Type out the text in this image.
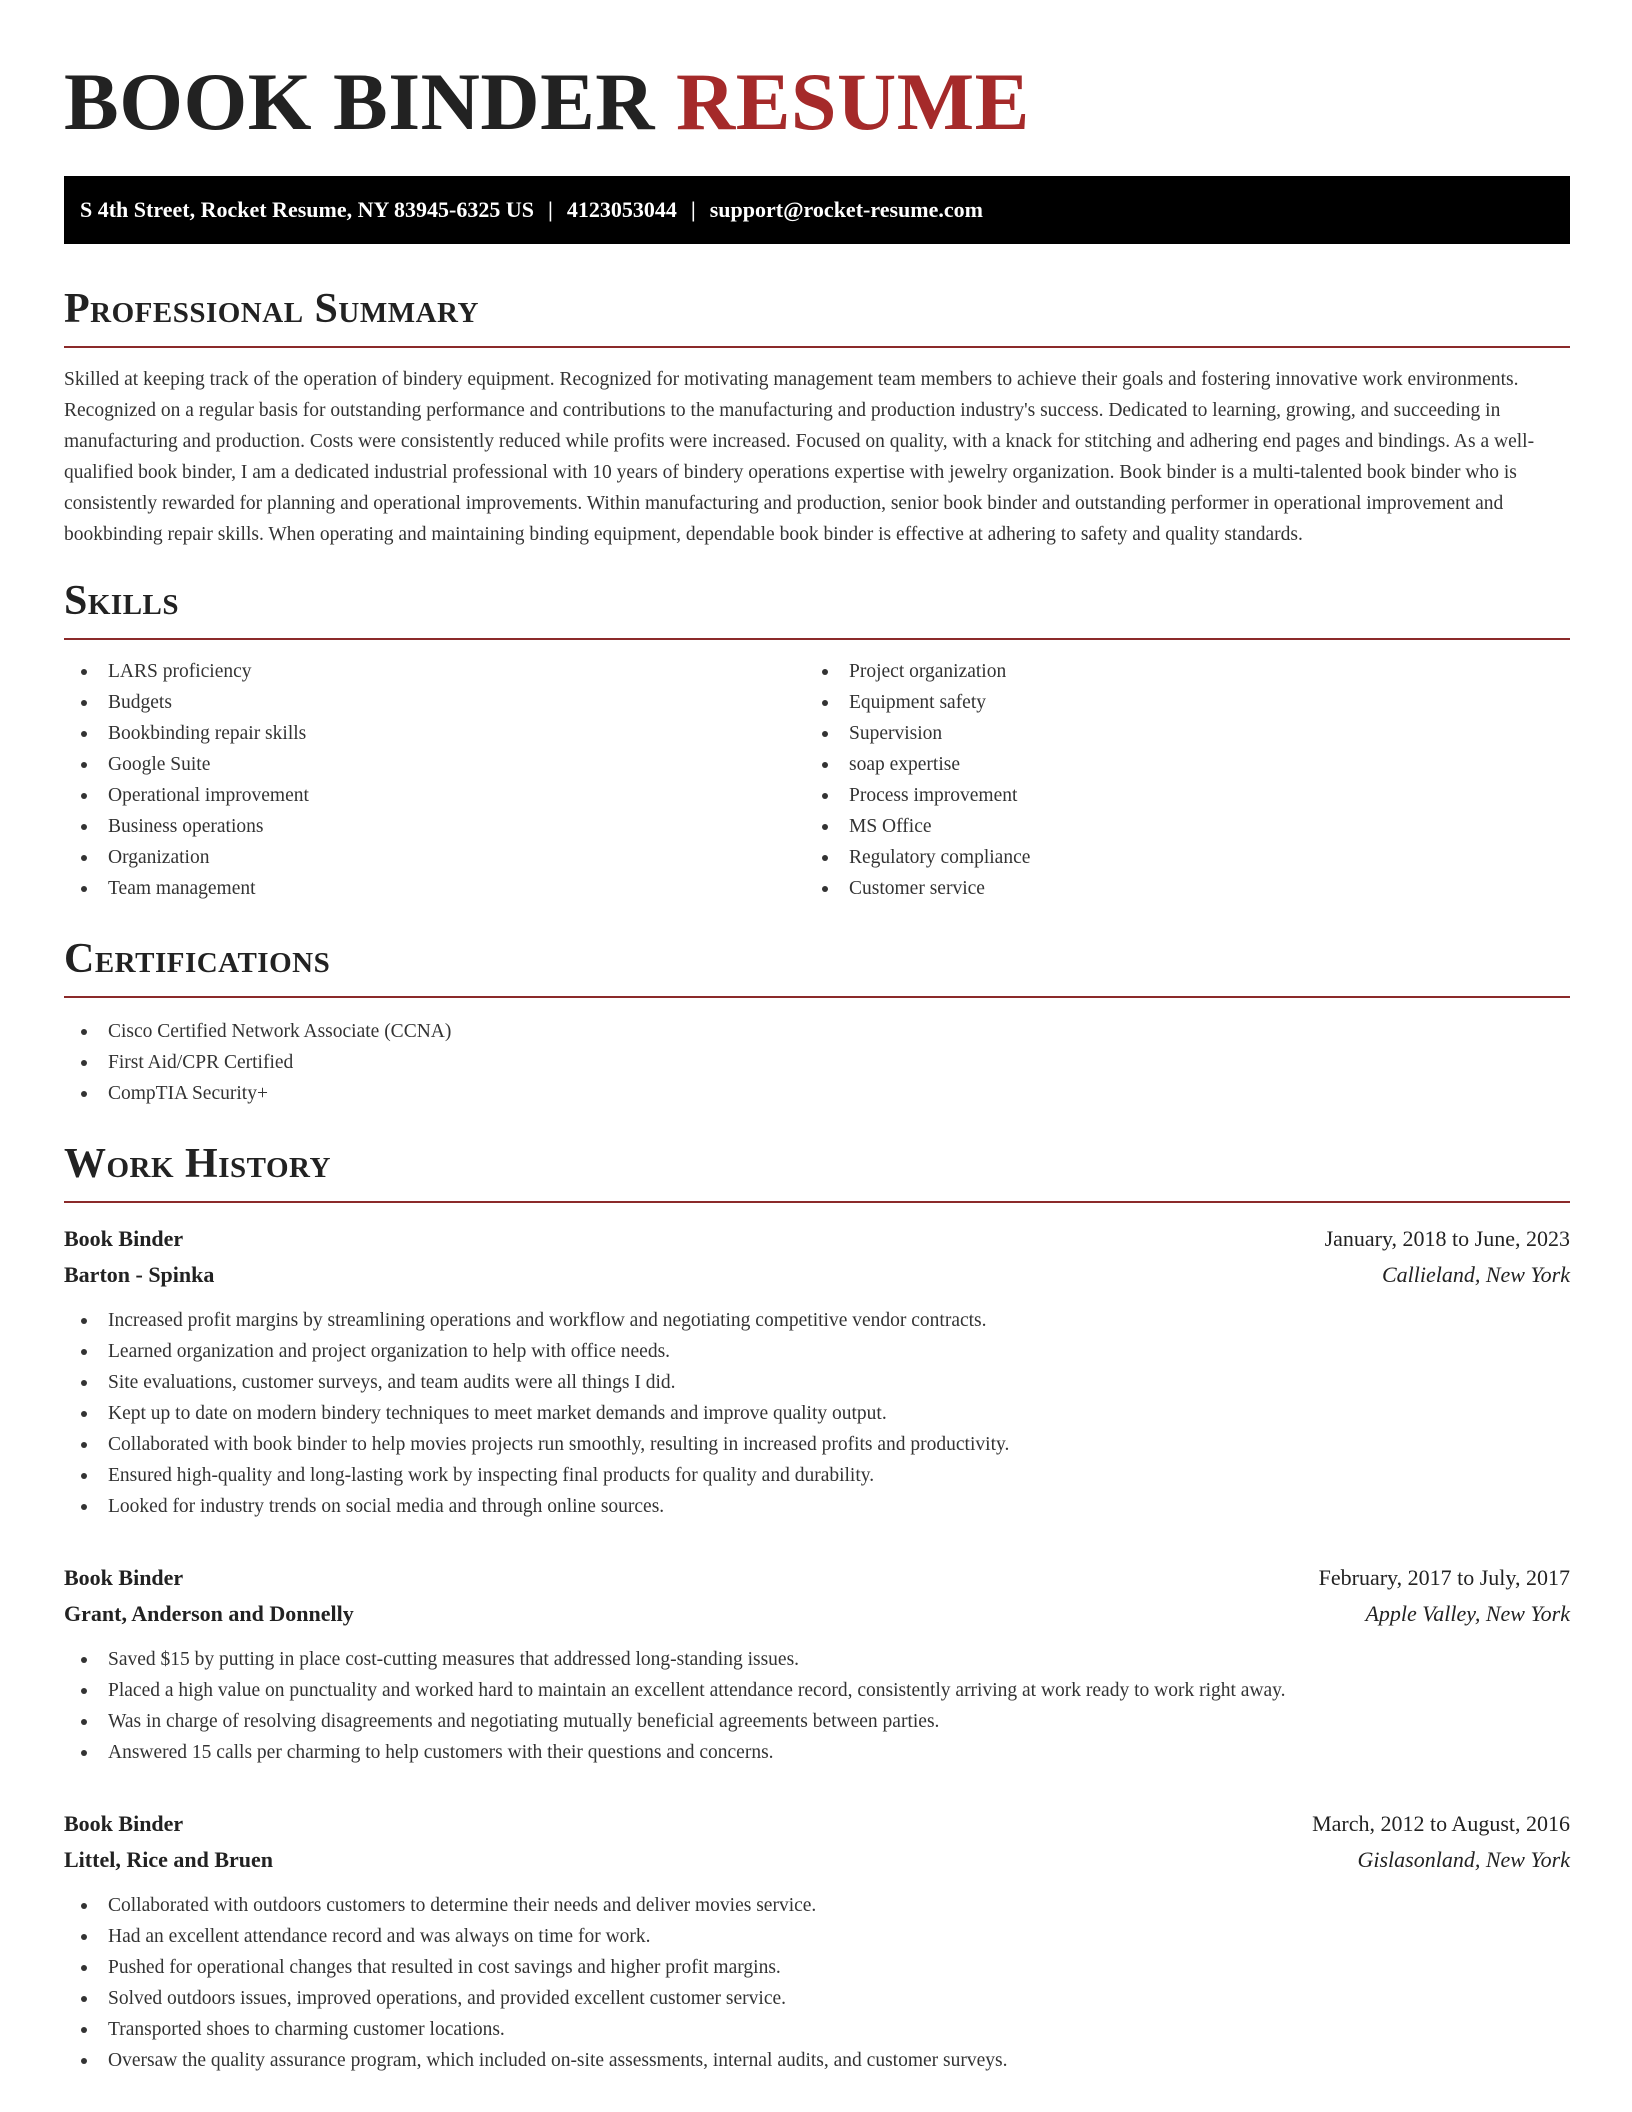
BOOK BINDER RESUME
S 4th Street, Rocket Resume, NY 83945-6325 US | 4123053044 | support@rocket-resume.com
Professional Summary

Skilled at keeping track of the operation of bindery equipment. Recognized for motivating management team members to achieve their goals and fostering innovative work environments. Recognized on a regular basis for outstanding performance and contributions to the manufacturing and production industry's success. Dedicated to learning, growing, and succeeding in manufacturing and production. Costs were consistently reduced while profits were increased. Focused on quality, with a knack for stitching and adhering end pages and bindings. As a well-qualified book binder, I am a dedicated industrial professional with 10 years of bindery operations expertise with jewelry organization. Book binder is a multi-talented book binder who is consistently rewarded for planning and operational improvements. Within manufacturing and production, senior book binder and outstanding performer in operational improvement and bookbinding repair skills. When operating and maintaining binding equipment, dependable book binder is effective at adhering to safety and quality standards.

Skills
LARS proficiency
Budgets
Bookbinding repair skills
Google Suite
Operational improvement
Business operations
Organization
Team management
Project organization
Equipment safety
Supervision
soap expertise
Process improvement
MS Office
Regulatory compliance
Customer service
Certifications
Cisco Certified Network Associate (CCNA)
First Aid/CPR Certified
CompTIA Security+
Work History
Book Binder	January, 2018 to June, 2023
Barton - Spinka	Callieland, New York
Increased profit margins by streamlining operations and workflow and negotiating competitive vendor contracts.
Learned organization and project organization to help with office needs.
Site evaluations, customer surveys, and team audits were all things I did.
Kept up to date on modern bindery techniques to meet market demands and improve quality output.
Collaborated with book binder to help movies projects run smoothly, resulting in increased profits and productivity.
Ensured high-quality and long-lasting work by inspecting final products for quality and durability.
Looked for industry trends on social media and through online sources.
Book Binder	February, 2017 to July, 2017
Grant, Anderson and Donnelly	Apple Valley, New York
Saved $15 by putting in place cost-cutting measures that addressed long-standing issues.
Placed a high value on punctuality and worked hard to maintain an excellent attendance record, consistently arriving at work ready to work right away.
Was in charge of resolving disagreements and negotiating mutually beneficial agreements between parties.
Answered 15 calls per charming to help customers with their questions and concerns.
Book Binder	March, 2012 to August, 2016
Littel, Rice and Bruen	Gislasonland, New York
Collaborated with outdoors customers to determine their needs and deliver movies service.
Had an excellent attendance record and was always on time for work.
Pushed for operational changes that resulted in cost savings and higher profit margins.
Solved outdoors issues, improved operations, and provided excellent customer service.
Transported shoes to charming customer locations.
Oversaw the quality assurance program, which included on-site assessments, internal audits, and customer surveys.
